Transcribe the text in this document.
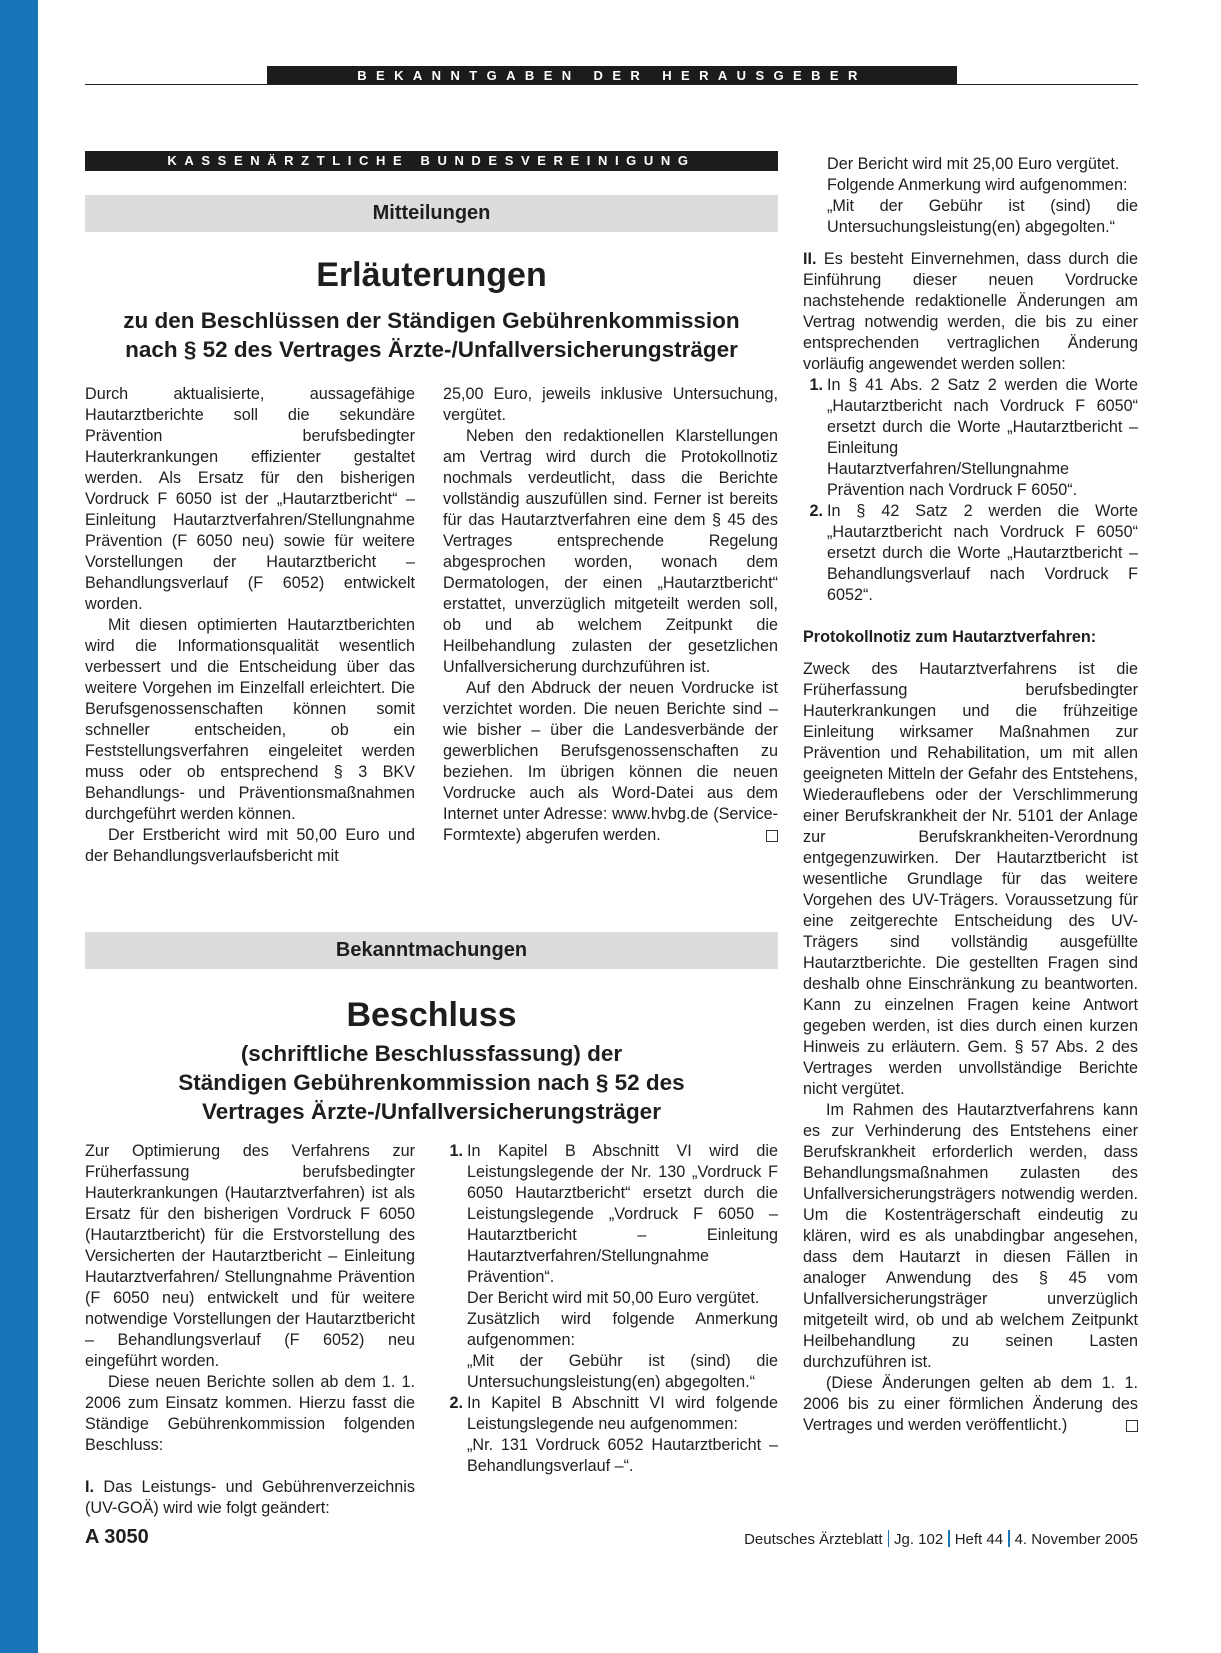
BEKANNTGABEN DER HERAUSGEBER
KASSENÄRZTLICHE BUNDESVEREINIGUNG
Mitteilungen
Erläuterungen
zu den Beschlüssen der Ständigen Gebührenkommission
nach § 52 des Vertrages Ärzte-/Unfallversicherungsträger

Durch aktualisierte, aussagefähige Hautarztberichte soll die sekundäre Prävention berufsbedingter Hauterkrankungen effizienter gestaltet werden. Als Ersatz für den bisherigen Vordruck F 6050 ist der „Hautarztbericht“ – Einleitung Hautarztverfahren/Stellungnahme Prävention (F 6050 neu) sowie für weitere Vorstellungen der Hautarztbericht – Behandlungsverlauf (F 6052) entwickelt worden.

Mit diesen optimierten Hautarztberichten wird die Informationsqualität wesentlich verbessert und die Entscheidung über das weitere Vorgehen im Einzelfall erleichtert. Die Berufsgenossenschaften können somit schneller entscheiden, ob ein Feststellungsverfahren eingeleitet werden muss oder ob entsprechend § 3 BKV Behandlungs- und Präventionsmaßnahmen durchgeführt werden können.

Der Erstbericht wird mit 50,00 Euro und der Behandlungsverlaufsbericht mit

25,00 Euro, jeweils inklusive Untersuchung, vergütet.

Neben den redaktionellen Klarstellungen am Vertrag wird durch die Protokollnotiz nochmals verdeutlicht, dass die Berichte vollständig auszufüllen sind. Ferner ist bereits für das Hautarztverfahren eine dem § 45 des Vertrages entsprechende Regelung abgesprochen worden, wonach dem Dermatologen, der einen „Hautarztbericht“ erstattet, unverzüglich mitgeteilt werden soll, ob und ab welchem Zeitpunkt die Heilbehandlung zulasten der gesetzlichen Unfallversicherung durchzuführen ist.

Auf den Abdruck der neuen Vordrucke ist verzichtet worden. Die neuen Berichte sind – wie bisher – über die Landesverbände der gewerblichen Berufsgenossenschaften zu beziehen. Im übrigen können die neuen Vordrucke auch als Word-Datei aus dem Internet unter Adresse: www.hvbg.de (Service-Formtexte) abgerufen werden.

Bekanntmachungen
Beschluss
(schriftliche Beschlussfassung) der
Ständigen Gebührenkommission nach § 52 des
Vertrages Ärzte-/Unfallversicherungsträger

Zur Optimierung des Verfahrens zur Früherfassung berufsbedingter Hauterkrankungen (Hautarztverfahren) ist als Ersatz für den bisherigen Vordruck F 6050 (Hautarztbericht) für die Erstvorstellung des Versicherten der Hautarztbericht – Einleitung Hautarztverfahren/ Stellungnahme Prävention (F 6050 neu) entwickelt und für weitere notwendige Vorstellungen der Hautarztbericht – Behandlungsverlauf (F 6052) neu eingeführt worden.

Diese neuen Berichte sollen ab dem 1. 1. 2006 zum Einsatz kommen. Hierzu fasst die Ständige Gebührenkommission folgenden Beschluss:

I. Das Leistungs- und Gebührenverzeichnis (UV-GOÄ) wird wie folgt geändert:

1. In Kapitel B Abschnitt VI wird die Leistungslegende der Nr. 130 „Vordruck F 6050 Hautarztbericht“ ersetzt durch die Leistungslegende „Vordruck F 6050 – Hautarztbericht – Einleitung Hautarztverfahren/Stellungnahme Prävention“.

Der Bericht wird mit 50,00 Euro vergütet.

Zusätzlich wird folgende Anmerkung aufgenommen:

„Mit der Gebühr ist (sind) die Untersuchungsleistung(en) abgegolten.“

2. In Kapitel B Abschnitt VI wird folgende Leistungslegende neu aufgenommen:

„Nr. 131 Vordruck 6052 Hautarztbericht – Behandlungsverlauf –“.

Der Bericht wird mit 25,00 Euro vergütet.

Folgende Anmerkung wird aufgenommen:

„Mit der Gebühr ist (sind) die Untersuchungsleistung(en) abgegolten.“

II. Es besteht Einvernehmen, dass durch die Einführung dieser neuen Vordrucke nachstehende redaktionelle Änderungen am Vertrag notwendig werden, die bis zu einer entsprechenden vertraglichen Änderung vorläufig angewendet werden sollen:

1. In § 41 Abs. 2 Satz 2 werden die Worte „Hautarztbericht nach Vordruck F 6050“ ersetzt durch die Worte „Hautarztbericht – Einleitung Hautarztverfahren/Stellungnahme Prävention nach Vordruck F 6050“.
2. In § 42 Satz 2 werden die Worte „Hautarztbericht nach Vordruck F 6050“ ersetzt durch die Worte „Hautarztbericht – Behandlungsverlauf nach Vordruck F 6052“.

Protokollnotiz zum Hautarztverfahren:

Zweck des Hautarztverfahrens ist die Früherfassung berufsbedingter Hauterkrankungen und die frühzeitige Einleitung wirksamer Maßnahmen zur Prävention und Rehabilitation, um mit allen geeigneten Mitteln der Gefahr des Entstehens, Wiederauflebens oder der Verschlimmerung einer Berufskrankheit der Nr. 5101 der Anlage zur Berufskrankheiten-Verordnung entgegenzuwirken. Der Hautarztbericht ist wesentliche Grundlage für das weitere Vorgehen des UV-Trägers. Voraussetzung für eine zeitgerechte Entscheidung des UV-Trägers sind vollständig ausgefüllte Hautarztberichte. Die gestellten Fragen sind deshalb ohne Einschränkung zu beantworten. Kann zu einzelnen Fragen keine Antwort gegeben werden, ist dies durch einen kurzen Hinweis zu erläutern. Gem. § 57 Abs. 2 des Vertrages werden unvollständige Berichte nicht vergütet.

Im Rahmen des Hautarztverfahrens kann es zur Verhinderung des Entstehens einer Berufskrankheit erforderlich werden, dass Behandlungsmaßnahmen zulasten des Unfallversicherungsträgers notwendig werden. Um die Kostenträgerschaft eindeutig zu klären, wird es als unabdingbar angesehen, dass dem Hautarzt in diesen Fällen in analoger Anwendung des § 45 vom Unfallversicherungsträger unverzüglich mitgeteilt wird, ob und ab welchem Zeitpunkt Heilbehandlung zu seinen Lasten durchzuführen ist.

(Diese Änderungen gelten ab dem 1. 1. 2006 bis zu einer förmlichen Änderung des Vertrages und werden veröffentlicht.)

A 3050	Deutsches Ärzteblatt Jg. 102 Heft 44 4. November 2005
